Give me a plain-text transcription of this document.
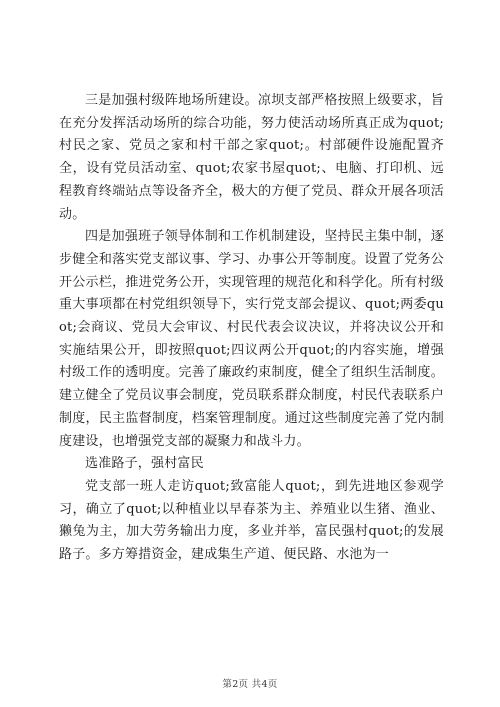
三是加强村级阵地场所建设。凉坝支部严格按照上级要求，旨在充分发挥活动场所的综合功能，努力使活动场所真正成为quot;村民之家、党员之家和村干部之家quot;。村部硬件设施配置齐全，设有党员活动室、quot;农家书屋quot;、电脑、打印机、远程教育终端站点等设备齐全，极大的方便了党员、群众开展各项活动。

四是加强班子领导体制和工作机制建设，坚持民主集中制，逐步健全和落实党支部议事、学习、办事公开等制度。设置了党务公开公示栏，推进党务公开，实现管理的规范化和科学化。所有村级重大事项都在村党组织领导下，实行党支部会提议、quot;两委quot;会商议、党员大会审议、村民代表会议决议，并将决议公开和实施结果公开，即按照quot;四议两公开quot;的内容实施，增强村级工作的透明度。完善了廉政约束制度，健全了组织生活制度。建立健全了党员议事会制度，党员联系群众制度，村民代表联系户制度，民主监督制度，档案管理制度。通过这些制度完善了党内制度建设，也增强党支部的凝聚力和战斗力。

选准路子，强村富民

党支部一班人走访quot;致富能人quot;，到先进地区参观学习，确立了quot;以种植业以早春茶为主、养殖业以生猪、渔业、獭兔为主，加大劳务输出力度，多业并举，富民强村quot;的发展路子。多方筹措资金，建成集生产道、便民路、水池为一

第2页 共4页
